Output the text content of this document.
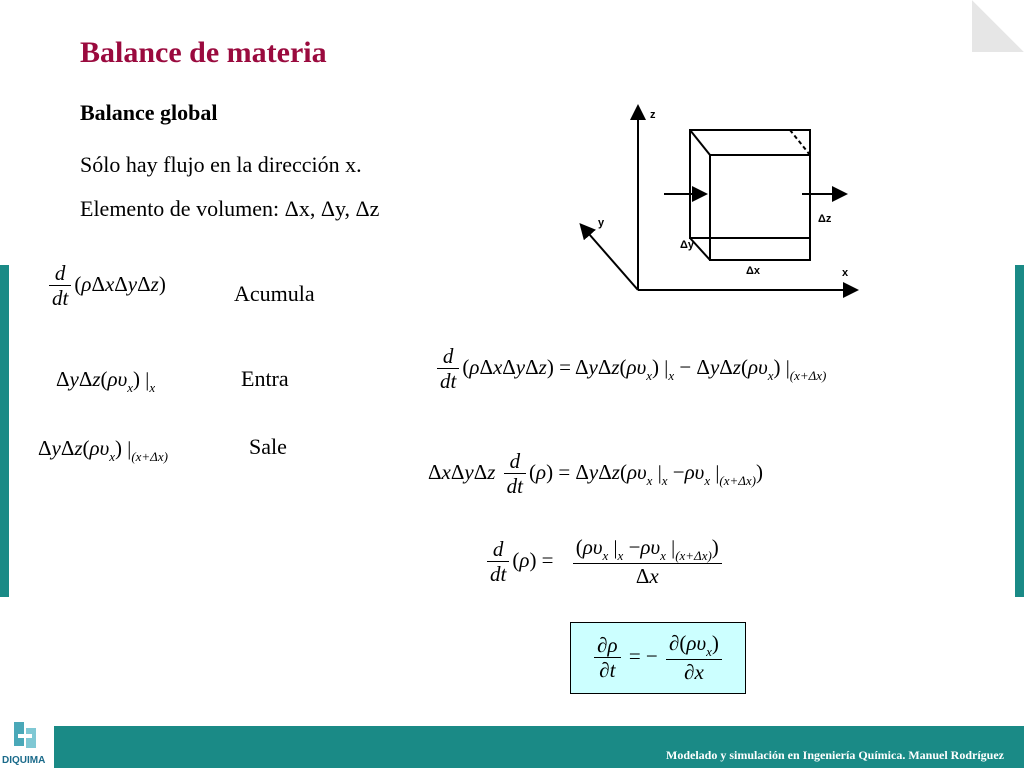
Balance de materia
Balance global

Sólo hay flujo en la dirección x.

Elemento de volumen: Δx, Δy, Δz

z
y
x
Δz
Δy
Δx
$\frac{d}{dt} (\rho\Delta x\Delta y\Delta z)$	Acumula
$\Delta y\Delta z(\rho\upsilon_x)$ $|_x$	Entra
$\Delta y\Delta z(\rho\upsilon_x)$ $|_{(x+\Delta x)}$	Sale
$\frac{d}{dt} (\rho\Delta x\Delta y\Delta z) = \Delta y\Delta z(\rho\upsilon_x) |_x - \Delta y\Delta z(\rho\upsilon_x)$ $|_{(x+\Delta x)}$
ΔxΔyΔz $\frac{d}{dt} (\rho) = \Delta y\Delta z(\rho\upsilon_x$ $|_x -\rho\upsilon_x$ $|_{(x+\Delta x)}$)
$\frac{d}{dt} (\rho) = \frac{(\rho\upsilon_x |_x -\rho\upsilon_x |_{(x+\Delta x)})}{\Delta x}$
$\frac{\partial\rho}{\partial t}$ = − $\frac{\partial(\rho\upsilon_x)}{\partial x}$
Modelado y simulación en Ingeniería Química. Manuel Rodríguez
DIQUIMA
